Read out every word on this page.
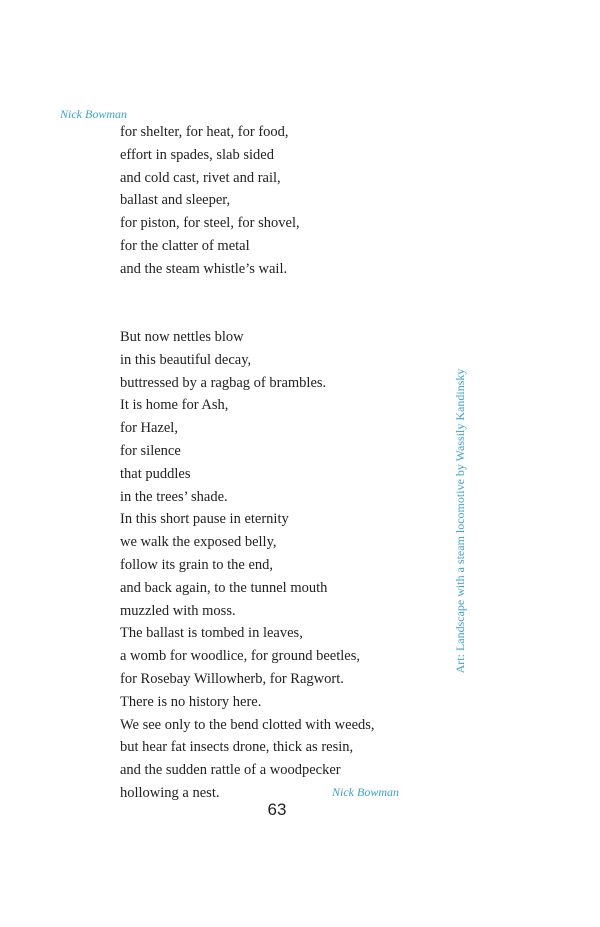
Nick Bowman
for shelter, for heat, for food,
effort in spades, slab sided
and cold cast, rivet and rail,
ballast and sleeper,
for piston, for steel, for shovel,
for the clatter of metal
and the steam whistle’s wail.
But now nettles blow
in this beautiful decay,
buttressed by a ragbag of brambles.
It is home for Ash,
for Hazel,
for silence
that puddles
in the trees’ shade.
In this short pause in eternity
we walk the exposed belly,
follow its grain to the end,
and back again, to the tunnel mouth
muzzled with moss.
The ballast is tombed in leaves,
a womb for woodlice, for ground beetles,
for Rosebay Willowherb, for Ragwort.
There is no history here.
We see only to the bend clotted with weeds,
but hear fat insects drone, thick as resin,
and the sudden rattle of a woodpecker
hollowing a nest.	Nick Bowman
63
Art: Landscape with a steam locomotive by Wassily Kandinsky
